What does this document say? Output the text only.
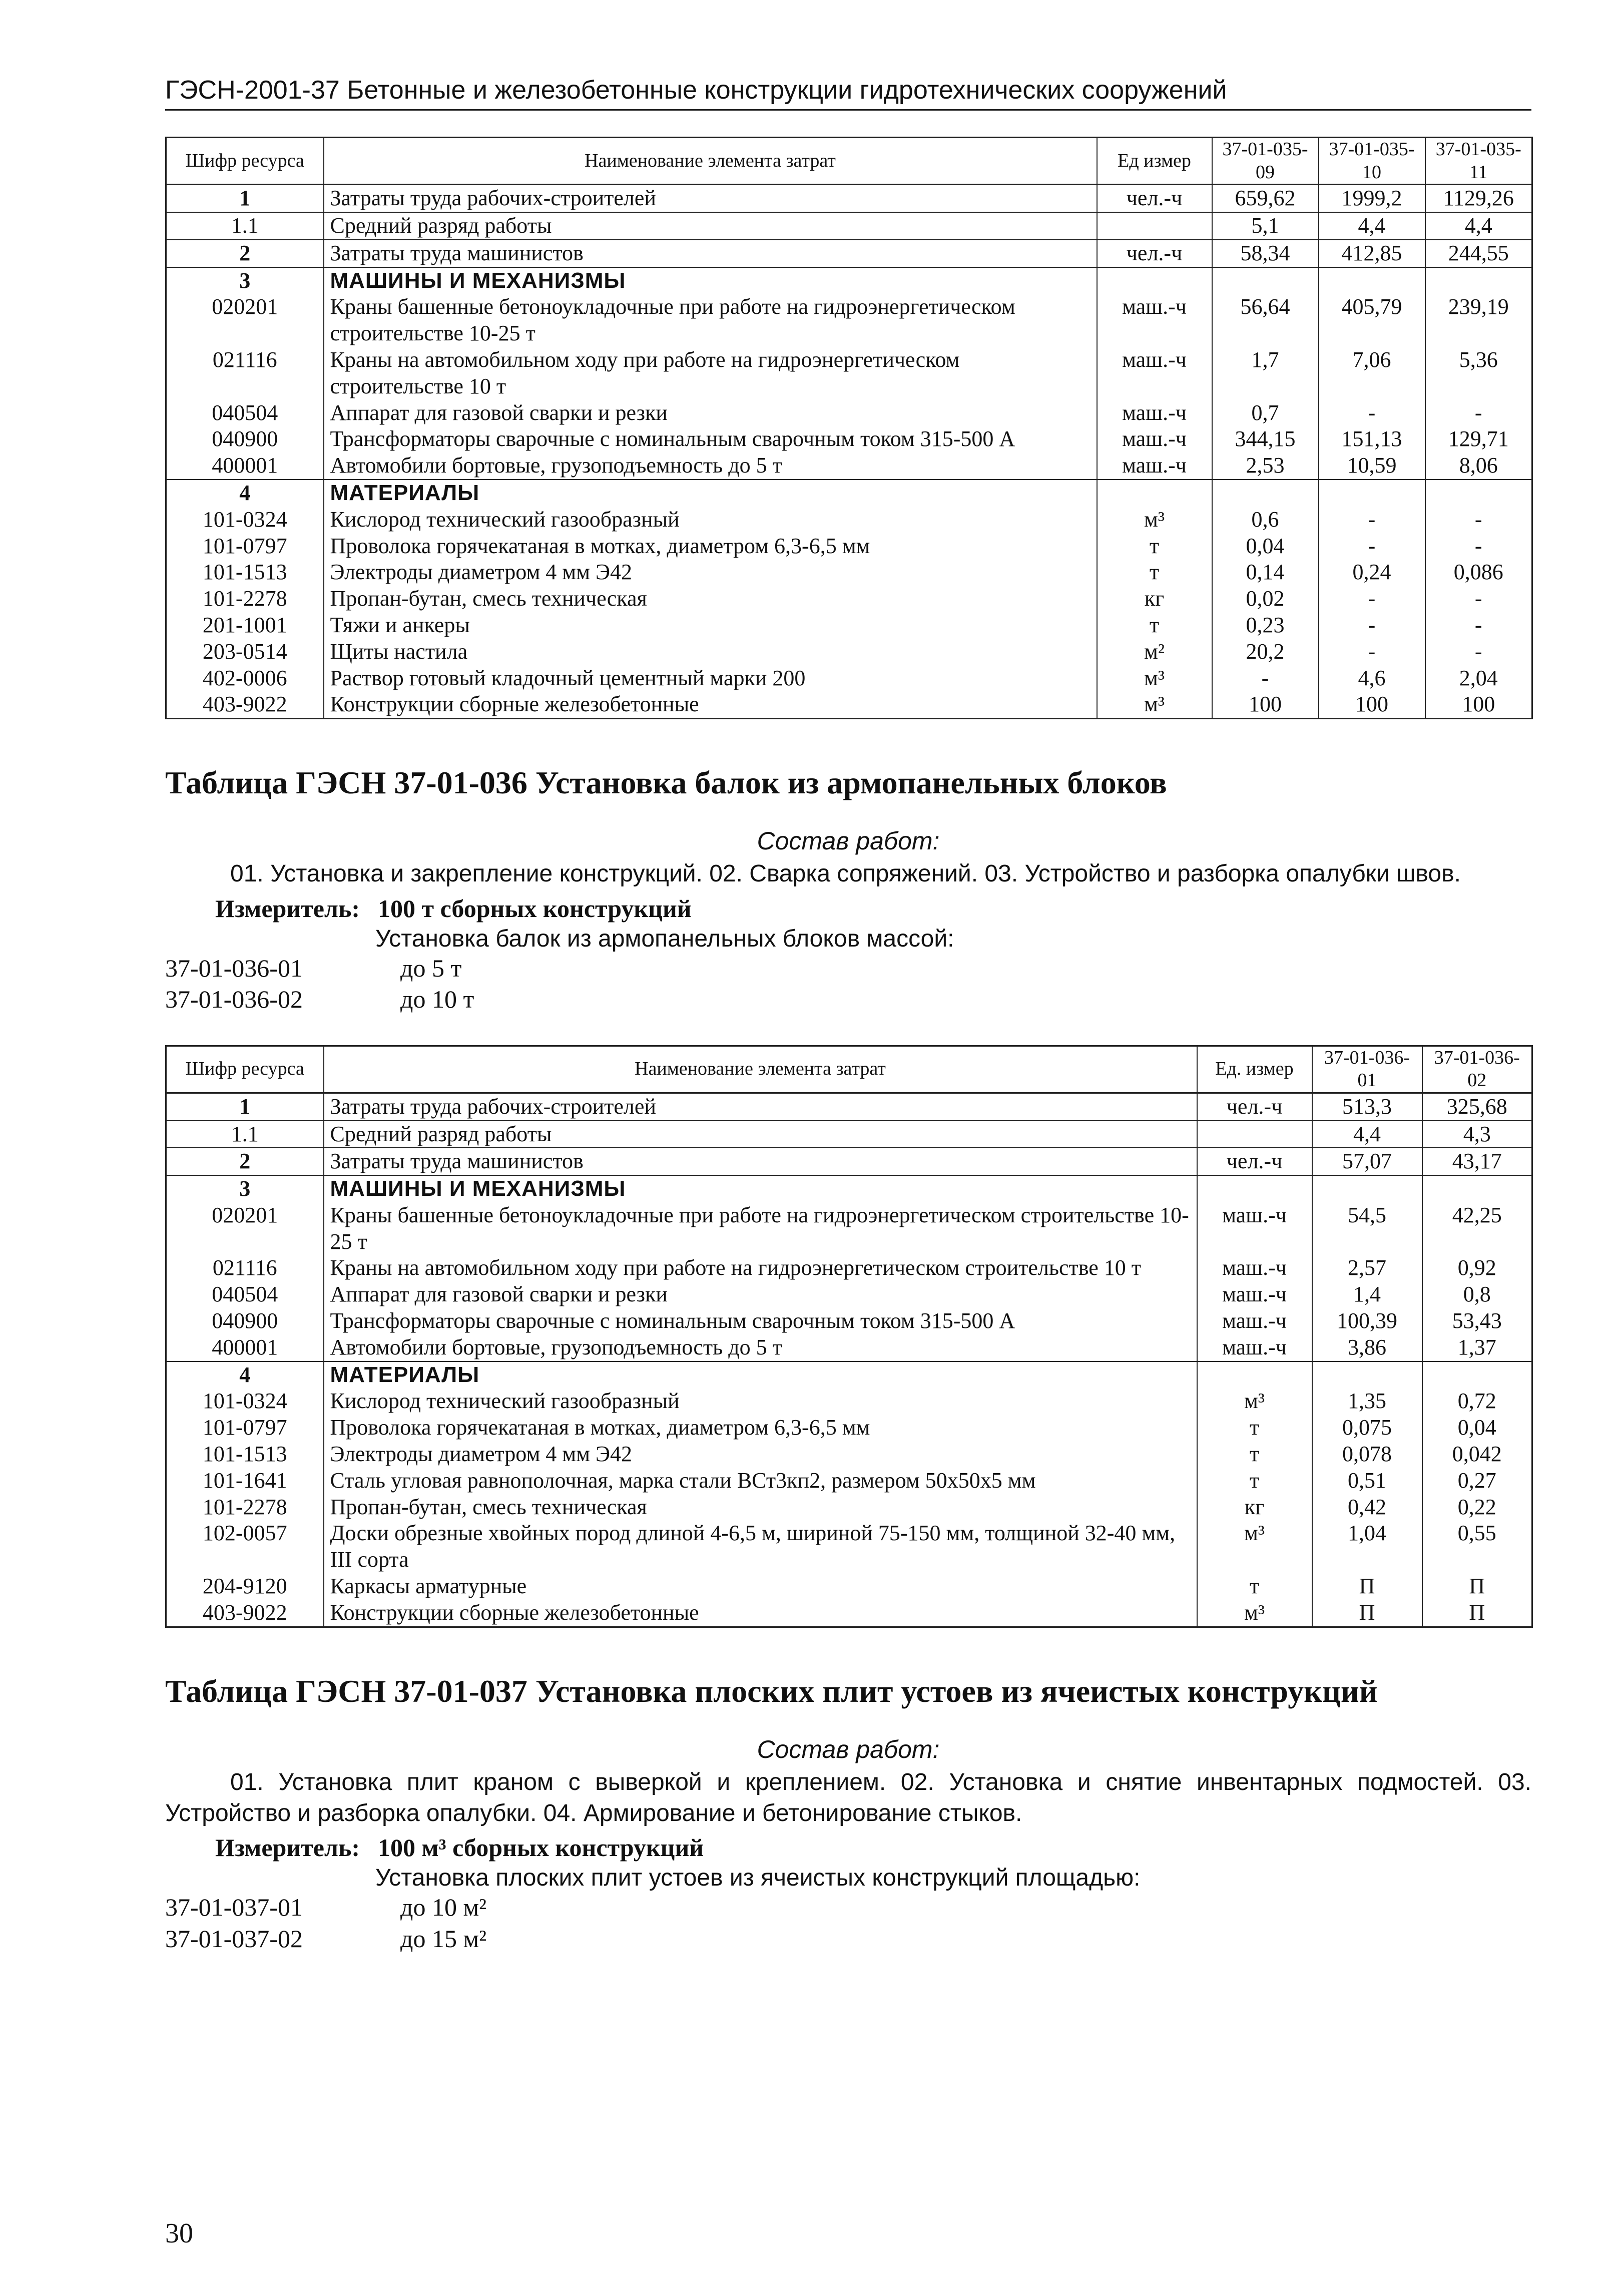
ГЭСН-2001-37 Бетонные и железобетонные конструкции гидротехнических сооружений
Шифр ресурса	Наименование элемента затрат	Ед измер	37-01-035-09	37-01-035-10	37-01-035-11
1	Затраты труда рабочих-строителей	чел.-ч	659,62	1999,2	1129,26
1.1	Средний разряд работы		5,1	4,4	4,4
2	Затраты труда машинистов	чел.-ч	58,34	412,85	244,55
3	МАШИНЫ И МЕХАНИЗМЫ				
020201	Краны башенные бетоноукладочные при работе на гидроэнергетическом строительстве 10-25 т	маш.-ч	56,64	405,79	239,19
021116	Краны на автомобильном ходу при работе на гидроэнергетическом строительстве 10 т	маш.-ч	1,7	7,06	5,36
040504	Аппарат для газовой сварки и резки	маш.-ч	0,7	-	-
040900	Трансформаторы сварочные с номинальным сварочным током 315-500 А	маш.-ч	344,15	151,13	129,71
400001	Автомобили бортовые, грузоподъемность до 5 т	маш.-ч	2,53	10,59	8,06
4	МАТЕРИАЛЫ				
101-0324	Кислород технический газообразный	м³	0,6	-	-
101-0797	Проволока горячекатаная в мотках, диаметром 6,3-6,5 мм	т	0,04	-	-
101-1513	Электроды диаметром 4 мм Э42	т	0,14	0,24	0,086
101-2278	Пропан-бутан, смесь техническая	кг	0,02	-	-
201-1001	Тяжи и анкеры	т	0,23	-	-
203-0514	Щиты настила	м²	20,2	-	-
402-0006	Раствор готовый кладочный цементный марки 200	м³	-	4,6	2,04
403-9022	Конструкции сборные железобетонные	м³	100	100	100
Таблица ГЭСН 37-01-036 Установка балок из армопанельных блоков
Состав работ:
01. Установка и закрепление конструкций. 02. Сварка сопряжений. 03. Устройство и разборка опалубки швов.
Измеритель: 100 т сборных конструкций
Установка балок из армопанельных блоков массой:
37-01-036-01	до 5 т
37-01-036-02	до 10 т
Шифр ресурса	Наименование элемента затрат	Ед. измер	37-01-036-01	37-01-036-02
1	Затраты труда рабочих-строителей	чел.-ч	513,3	325,68
1.1	Средний разряд работы		4,4	4,3
2	Затраты труда машинистов	чел.-ч	57,07	43,17
3	МАШИНЫ И МЕХАНИЗМЫ			
020201	Краны башенные бетоноукладочные при работе на гидроэнергетическом строительстве 10-25 т	маш.-ч	54,5	42,25
021116	Краны на автомобильном ходу при работе на гидроэнергетическом строительстве 10 т	маш.-ч	2,57	0,92
040504	Аппарат для газовой сварки и резки	маш.-ч	1,4	0,8
040900	Трансформаторы сварочные с номинальным сварочным током 315-500 А	маш.-ч	100,39	53,43
400001	Автомобили бортовые, грузоподъемность до 5 т	маш.-ч	3,86	1,37
4	МАТЕРИАЛЫ			
101-0324	Кислород технический газообразный	м³	1,35	0,72
101-0797	Проволока горячекатаная в мотках, диаметром 6,3-6,5 мм	т	0,075	0,04
101-1513	Электроды диаметром 4 мм Э42	т	0,078	0,042
101-1641	Сталь угловая равнополочная, марка стали ВСт3кп2, размером 50х50х5 мм	т	0,51	0,27
101-2278	Пропан-бутан, смесь техническая	кг	0,42	0,22
102-0057	Доски обрезные хвойных пород длиной 4-6,5 м, шириной 75-150 мм, толщиной 32-40 мм, III сорта	м³	1,04	0,55
204-9120	Каркасы арматурные	т	П	П
403-9022	Конструкции сборные железобетонные	м³	П	П
Таблица ГЭСН 37-01-037 Установка плоских плит устоев из ячеистых конструкций
Состав работ:
01. Установка плит краном с выверкой и креплением. 02. Установка и снятие инвентарных подмостей. 03. Устройство и разборка опалубки. 04. Армирование и бетонирование стыков.
Измеритель: 100 м³ сборных конструкций
Установка плоских плит устоев из ячеистых конструкций площадью:
37-01-037-01	до 10 м²
37-01-037-02	до 15 м²
30
